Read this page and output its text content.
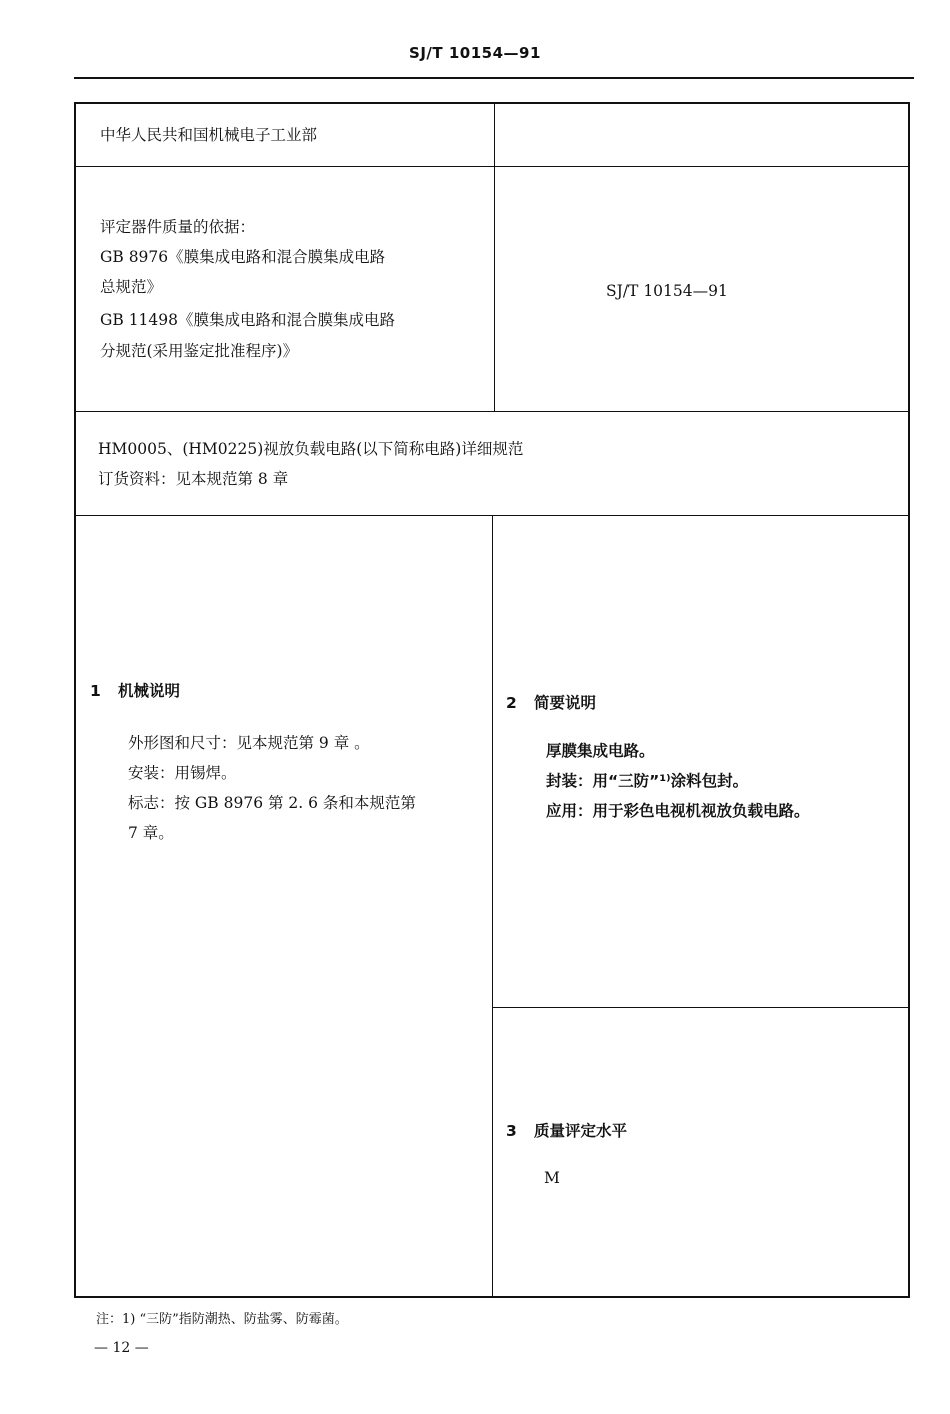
SJ/T 10154—91
中华人民共和国机械电子工业部
评定器件质量的依据：
GB 8976《膜集成电路和混合膜集成电路
总规范》
GB 11498《膜集成电路和混合膜集成电路
分规范(采用鉴定批准程序)》
SJ/T 10154—91
HM0005、(HM0225)视放负载电路(以下简称电路)详细规范
订货资料：见本规范第 8 章
1 机械说明
外形图和尺寸：见本规范第 9 章 。
安装：用锡焊。
标志：按 GB 8976 第 2. 6 条和本规范第
7 章。
2 简要说明
厚膜集成电路。
封装：用“三防”¹⁾涂料包封。
应用：用于彩色电视机视放负载电路。
3 质量评定水平
M
注：1) “三防”指防潮热、防盐雾、防霉菌。
— 12 —
